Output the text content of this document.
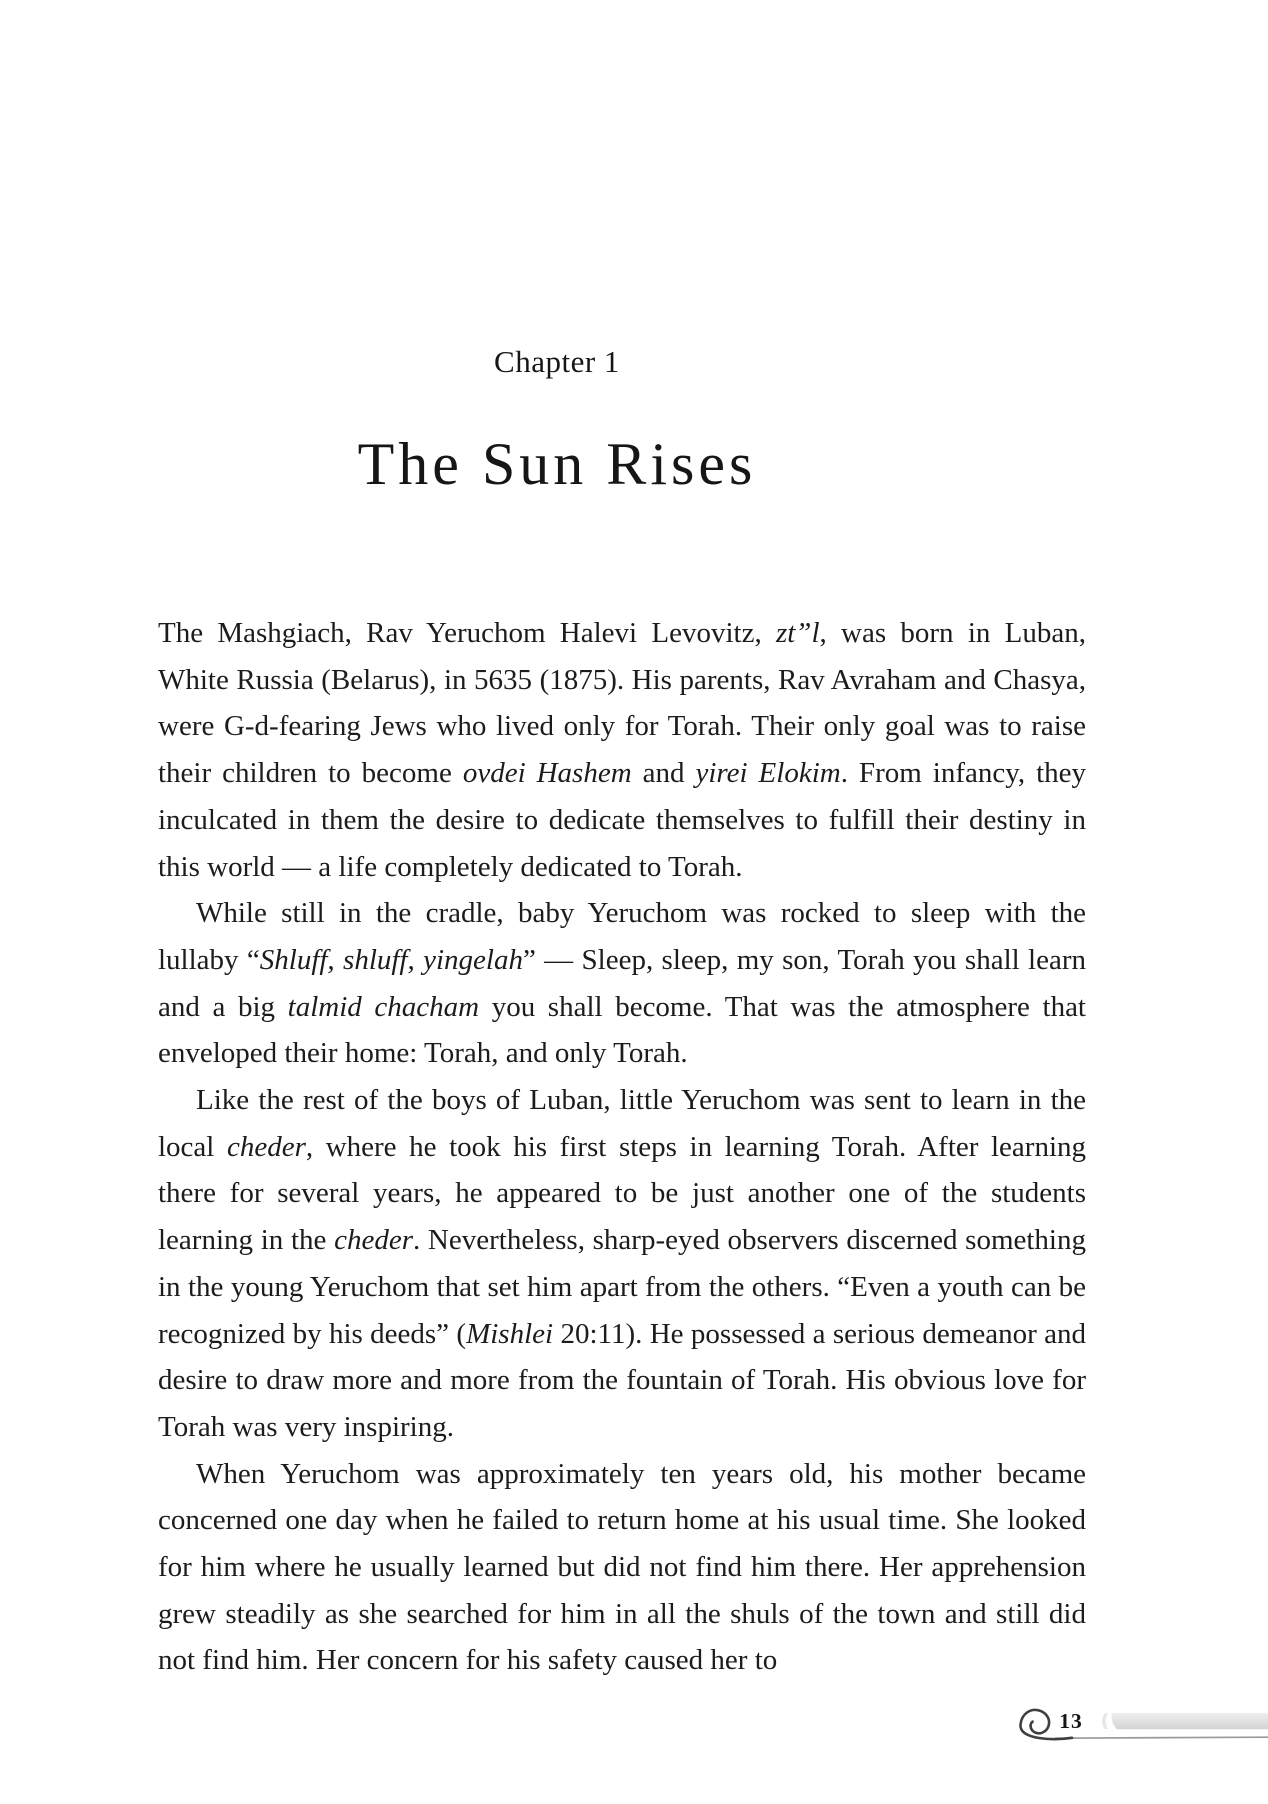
Chapter 1
The Sun Rises

The Mashgiach, Rav Yeruchom Halevi Levovitz, zt”l, was born in Luban, White Russia (Belarus), in 5635 (1875). His parents, Rav Avraham and Chasya, were G-d-fearing Jews who lived only for Torah. Their only goal was to raise their children to become ovdei Hashem and yirei Elokim. From infancy, they inculcated in them the desire to dedicate themselves to fulfill their destiny in this world — a life completely dedicated to Torah.

While still in the cradle, baby Yeruchom was rocked to sleep with the lullaby “Shluff, shluff, yingelah” — Sleep, sleep, my son, Torah you shall learn and a big talmid chacham you shall become. That was the atmosphere that enveloped their home: Torah, and only Torah.

Like the rest of the boys of Luban, little Yeruchom was sent to learn in the local cheder, where he took his first steps in learning Torah. After learning there for several years, he appeared to be just another one of the students learning in the cheder. Nevertheless, sharp-eyed observers discerned something in the young Yeruchom that set him apart from the others. “Even a youth can be recognized by his deeds” (Mishlei 20:11). He possessed a serious demeanor and desire to draw more and more from the fountain of Torah. His obvious love for Torah was very inspiring.

When Yeruchom was approximately ten years old, his mother became concerned one day when he failed to return home at his usual time. She looked for him where he usually learned but did not find him there. Her apprehension grew steadily as she searched for him in all the shuls of the town and still did not find him. Her concern for his safety caused her to

13
